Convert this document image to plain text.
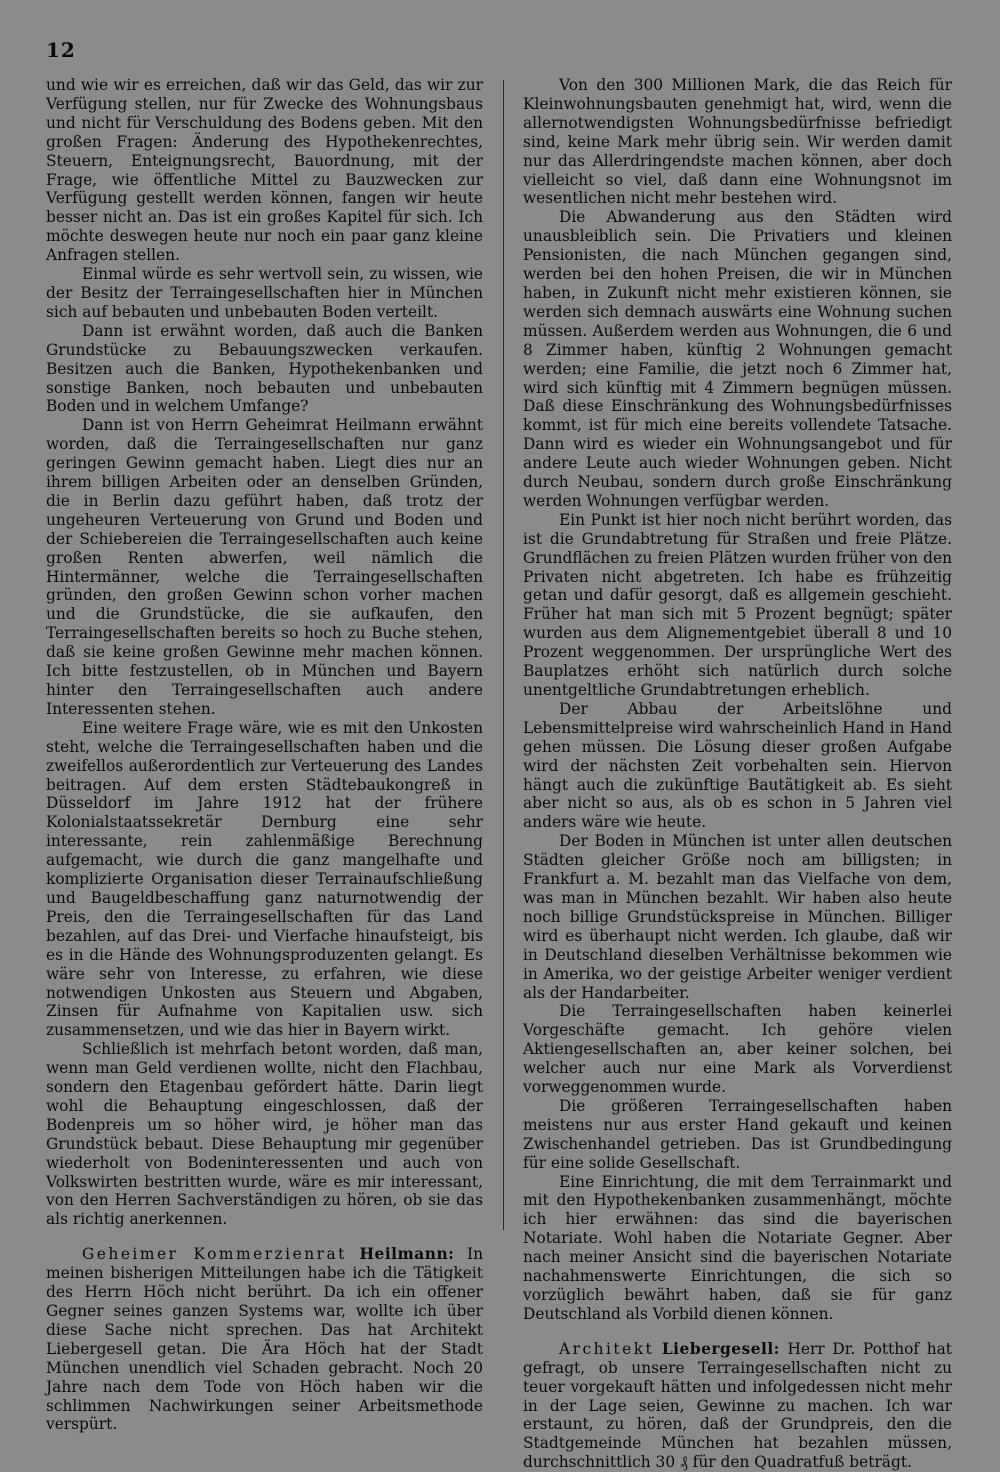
12

und wie wir es erreichen, daß wir das Geld, das wir zur Verfügung stellen, nur für Zwecke des Wohnungsbaus und nicht für Verschuldung des Bodens geben. Mit den großen Fragen: Änderung des Hypothekenrechtes, Steuern, Enteignungsrecht, Bauordnung, mit der Frage, wie öffentliche Mittel zu Bauzwecken zur Verfügung gestellt werden können, fangen wir heute besser nicht an. Das ist ein großes Kapitel für sich. Ich möchte deswegen heute nur noch ein paar ganz kleine Anfragen stellen.

Einmal würde es sehr wertvoll sein, zu wissen, wie der Besitz der Terraingesellschaften hier in München sich auf bebauten und unbebauten Boden verteilt.

Dann ist erwähnt worden, daß auch die Banken Grundstücke zu Bebauungszwecken verkaufen. Besitzen auch die Banken, Hypothekenbanken und sonstige Banken, noch bebauten und unbebauten Boden und in welchem Umfange?

Dann ist von Herrn Geheimrat Heilmann erwähnt worden, daß die Terraingesellschaften nur ganz geringen Gewinn gemacht haben. Liegt dies nur an ihrem billigen Arbeiten oder an denselben Gründen, die in Berlin dazu geführt haben, daß trotz der ungeheuren Verteuerung von Grund und Boden und der Schiebereien die Terraingesellschaften auch keine großen Renten abwerfen, weil nämlich die Hintermänner, welche die Terraingesellschaften gründen, den großen Gewinn schon vorher machen und die Grundstücke, die sie aufkaufen, den Terraingesellschaften bereits so hoch zu Buche stehen, daß sie keine großen Gewinne mehr machen können. Ich bitte festzustellen, ob in München und Bayern hinter den Terraingesellschaften auch andere Interessenten stehen.

Eine weitere Frage wäre, wie es mit den Unkosten steht, welche die Terraingesellschaften haben und die zweifellos außerordentlich zur Verteuerung des Landes beitragen. Auf dem ersten Städtebaukongreß in Düsseldorf im Jahre 1912 hat der frühere Kolonialstaatssekretär Dernburg eine sehr interessante, rein zahlenmäßige Berechnung aufgemacht, wie durch die ganz mangelhafte und komplizierte Organisation dieser Terrainaufschließung und Baugeldbeschaffung ganz naturnotwendig der Preis, den die Terraingesellschaften für das Land bezahlen, auf das Drei- und Vierfache hinaufsteigt, bis es in die Hände des Wohnungsproduzenten gelangt. Es wäre sehr von Interesse, zu erfahren, wie diese notwendigen Unkosten aus Steuern und Abgaben, Zinsen für Aufnahme von Kapitalien usw. sich zusammensetzen, und wie das hier in Bayern wirkt.

Schließlich ist mehrfach betont worden, daß man, wenn man Geld verdienen wollte, nicht den Flachbau, sondern den Etagenbau gefördert hätte. Darin liegt wohl die Behauptung eingeschlossen, daß der Bodenpreis um so höher wird, je höher man das Grundstück bebaut. Diese Behauptung mir gegenüber wiederholt von Bodeninteressenten und auch von Volkswirten bestritten wurde, wäre es mir interessant, von den Herren Sachverständigen zu hören, ob sie das als richtig anerkennen.

Geheimer Kommerzienrat Heilmann: In meinen bisherigen Mitteilungen habe ich die Tätigkeit des Herrn Höch nicht berührt. Da ich ein offener Gegner seines ganzen Systems war, wollte ich über diese Sache nicht sprechen. Das hat Architekt Liebergesell getan. Die Ära Höch hat der Stadt München unendlich viel Schaden gebracht. Noch 20 Jahre nach dem Tode von Höch haben wir die schlimmen Nachwirkungen seiner Arbeitsmethode verspürt.

Von den 300 Millionen Mark, die das Reich für Kleinwohnungsbauten genehmigt hat, wird, wenn die allernotwendigsten Wohnungsbedürfnisse befriedigt sind, keine Mark mehr übrig sein. Wir werden damit nur das Allerdringendste machen können, aber doch vielleicht so viel, daß dann eine Wohnungsnot im wesentlichen nicht mehr bestehen wird.

Die Abwanderung aus den Städten wird unausbleiblich sein. Die Privatiers und kleinen Pensionisten, die nach München gegangen sind, werden bei den hohen Preisen, die wir in München haben, in Zukunft nicht mehr existieren können, sie werden sich demnach auswärts eine Wohnung suchen müssen. Außerdem werden aus Wohnungen, die 6 und 8 Zimmer haben, künftig 2 Wohnungen gemacht werden; eine Familie, die jetzt noch 6 Zimmer hat, wird sich künftig mit 4 Zimmern begnügen müssen. Daß diese Einschränkung des Wohnungsbedürfnisses kommt, ist für mich eine bereits vollendete Tatsache. Dann wird es wieder ein Wohnungsangebot und für andere Leute auch wieder Wohnungen geben. Nicht durch Neubau, sondern durch große Einschränkung werden Wohnungen verfügbar werden.

Ein Punkt ist hier noch nicht berührt worden, das ist die Grundabtretung für Straßen und freie Plätze. Grundflächen zu freien Plätzen wurden früher von den Privaten nicht abgetreten. Ich habe es frühzeitig getan und dafür gesorgt, daß es allgemein geschieht. Früher hat man sich mit 5 Prozent begnügt; später wurden aus dem Alignementgebiet überall 8 und 10 Prozent weggenommen. Der ursprüngliche Wert des Bauplatzes erhöht sich natürlich durch solche unentgeltliche Grundabtretungen erheblich.

Der Abbau der Arbeitslöhne und Lebensmittelpreise wird wahrscheinlich Hand in Hand gehen müssen. Die Lösung dieser großen Aufgabe wird der nächsten Zeit vorbehalten sein. Hiervon hängt auch die zukünftige Bautätigkeit ab. Es sieht aber nicht so aus, als ob es schon in 5 Jahren viel anders wäre wie heute.

Der Boden in München ist unter allen deutschen Städten gleicher Größe noch am billigsten; in Frankfurt a. M. bezahlt man das Vielfache von dem, was man in München bezahlt. Wir haben also heute noch billige Grundstückspreise in München. Billiger wird es überhaupt nicht werden. Ich glaube, daß wir in Deutschland dieselben Verhältnisse bekommen wie in Amerika, wo der geistige Arbeiter weniger verdient als der Handarbeiter.

Die Terraingesellschaften haben keinerlei Vorgeschäfte gemacht. Ich gehöre vielen Aktiengesellschaften an, aber keiner solchen, bei welcher auch nur eine Mark als Vorverdienst vorweggenommen wurde.

Die größeren Terraingesellschaften haben meistens nur aus erster Hand gekauft und keinen Zwischenhandel getrieben. Das ist Grundbedingung für eine solide Gesellschaft.

Eine Einrichtung, die mit dem Terrainmarkt und mit den Hypothekenbanken zusammenhängt, möchte ich hier erwähnen: das sind die bayerischen Notariate. Wohl haben die Notariate Gegner. Aber nach meiner Ansicht sind die bayerischen Notariate nachahmenswerte Einrichtungen, die sich so vorzüglich bewährt haben, daß sie für ganz Deutschland als Vorbild dienen können.

Architekt Liebergesell: Herr Dr. Potthof hat gefragt, ob unsere Terraingesellschaften nicht zu teuer vorgekauft hätten und infolgedessen nicht mehr in der Lage seien, Gewinne zu machen. Ich war erstaunt, zu hören, daß der Grundpreis, den die Stadtgemeinde München hat bezahlen müssen, durchschnittlich 30 ₰ für den Quadratfuß beträgt.
